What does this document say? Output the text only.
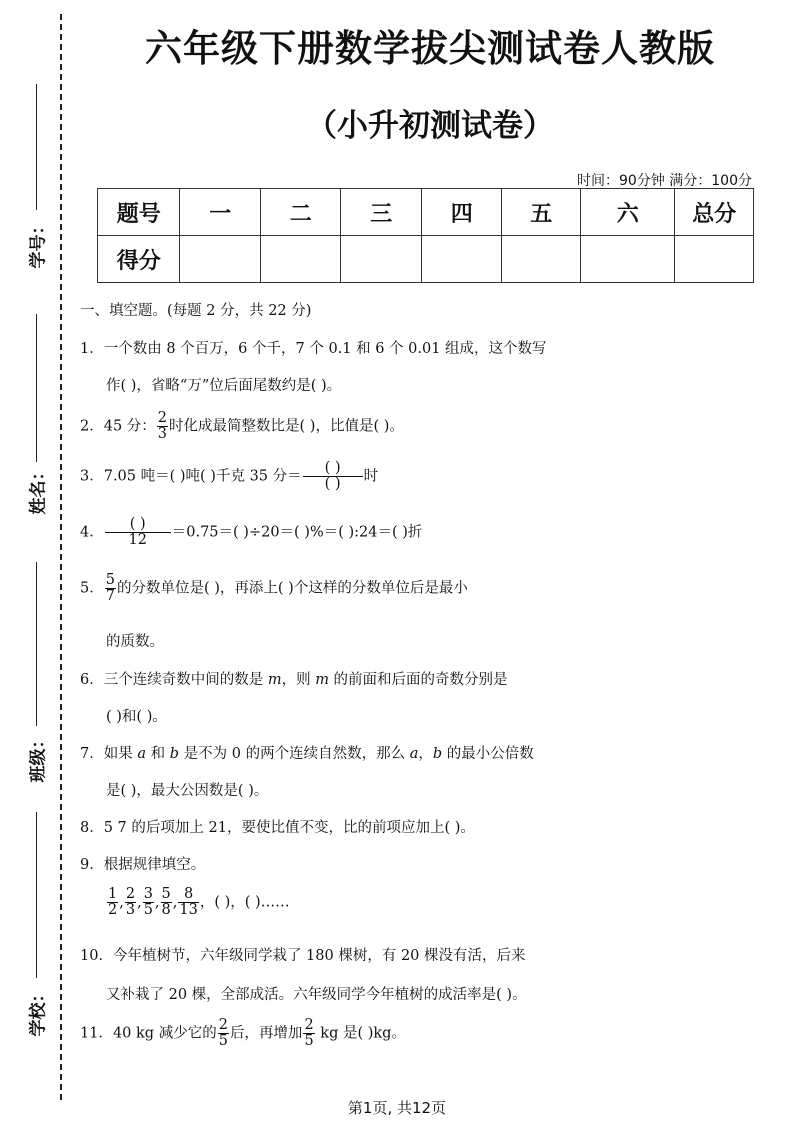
学号：
姓名：
班级：
学校：
六年级下册数学拔尖测试卷人教版
（小升初测试卷）
时间：90分钟 满分：100分
题号	一	二	三	四	五	六	总分
得分							
一、填空题。(每题 2 分，共 22 分)
1．一个数由 8 个百万，6 个千，7 个 0.1 和 6 个 0.01 组成，这个数写
作( )，省略“万”位后面尾数约是( )。
2．45 分： $\frac{2}{3}$ 时化成最简整数比是( )，比值是( )。
3．7.05 吨＝( )吨( )千克 35 分＝ $\frac{( )}{( )}$ 时
4． $\frac{( )}{12} =0.75=$( )÷20＝( )%＝( ):24＝( )折
5． $\frac{5}{7}$ 的分数单位是( )，再添上( )个这样的分数单位后是最小
的质数。
6．三个连续奇数中间的数是 m，则 m 的前面和后面的奇数分别是
( )和( )。
7．如果 a 和 b 是不为 0 的两个连续自然数，那么 a，b 的最小公倍数
是( )，最大公因数是( )。
8．5 7 的后项加上 21，要使比值不变，比的前项应加上( )。
9．根据规律填空。
$\frac{1}{2}$ , $\frac{2}{3}$ , $\frac{3}{5}$ , $\frac{5}{8}$ , $\frac{8}{13}$ ，( )，( )……
10．今年植树节，六年级同学栽了 180 棵树，有 20 棵没有活，后来
又补栽了 20 棵，全部成活。六年级同学今年植树的成活率是( )。
11．40 kg 减少它的 $\frac{2}{5}$ 后，再增加 $\frac{2}{5}$ kg 是( )kg。
第1页, 共12页
